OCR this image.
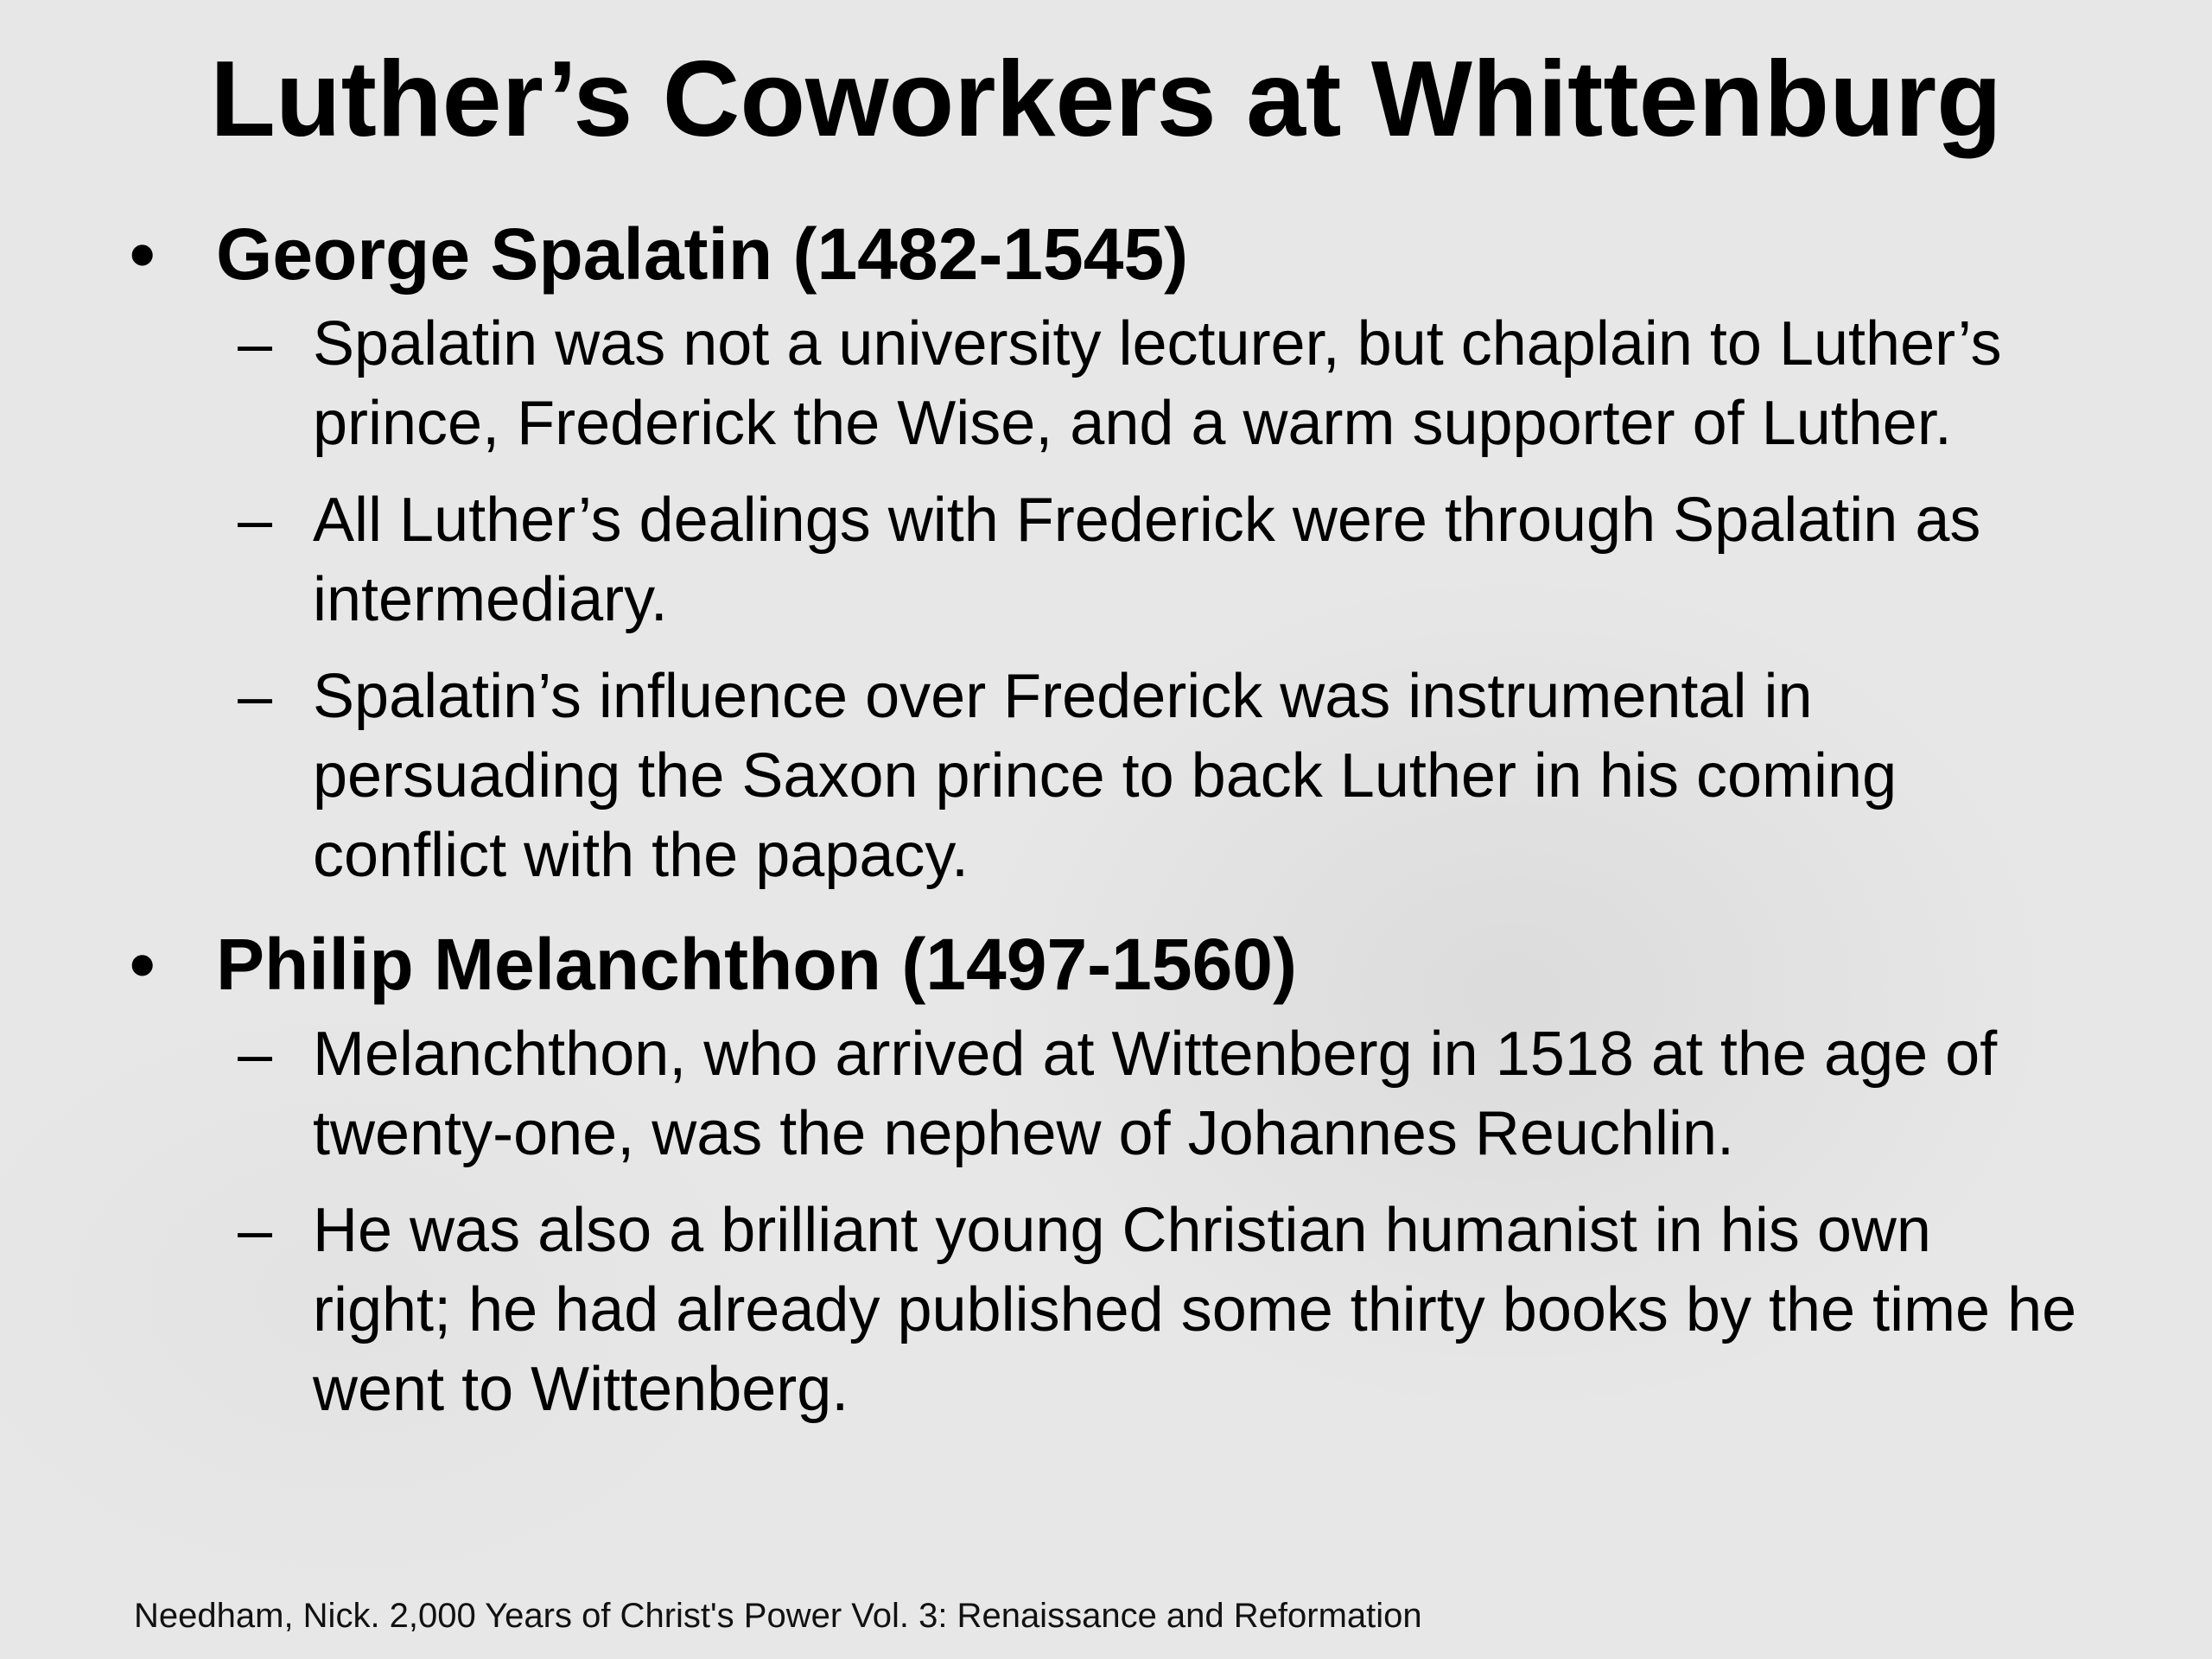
Luther’s Coworkers at Whittenburg
• George Spalatin (1482-1545)
– Spalatin was not a university lecturer, but chaplain to Luther’s prince, Frederick the Wise, and a warm supporter of Luther.
– All Luther’s dealings with Frederick were through Spalatin as intermediary.
– Spalatin’s influence over Frederick was instrumental in persuading the Saxon prince to back Luther in his coming conflict with the papacy.
• Philip Melanchthon (1497-1560)
– Melanchthon, who arrived at Wittenberg in 1518 at the age of twenty-one, was the nephew of Johannes Reuchlin.
– He was also a brilliant young Christian humanist in his own right; he had already published some thirty books by the time he went to Wittenberg.
Needham, Nick. 2,000 Years of Christ's Power Vol. 3: Renaissance and Reformation
